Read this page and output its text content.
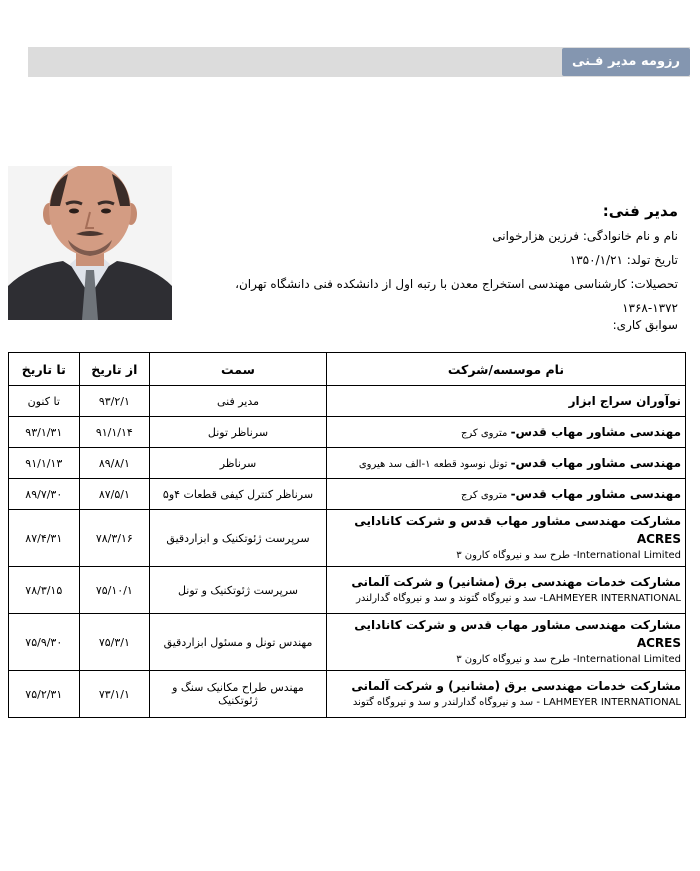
رزومه مدیر فـنی
مدیر فنی:
نام و نام خانوادگی: فرزین هزارخوانی
تاریخ تولد: ۱۳۵۰/۱/۲۱
تحصیلات: کارشناسی مهندسی استخراج معدن با رتبه اول از دانشکده فنی دانشگاه تهران، ۱۳۷۲-۱۳۶۸
سوابق کاری:
نام موسسه/شرکت	سمت	از تاریخ	تا تاریخ

نوآوران سراج ابزار	مدیر فنی	۹۳/۲/۱	تا کنون
مهندسی مشاور مهاب قدس- متروی کرج	سرناظر تونل	۹۱/۱/۱۴	۹۳/۱/۳۱
مهندسی مشاور مهاب قدس- تونل نوسود قطعه ۱-الف سد هیروی	سرناظر	۸۹/۸/۱	۹۱/۱/۱۳
مهندسی مشاور مهاب قدس- متروی کرج	سرناظر کنترل کیفی قطعات ۴و۵	۸۷/۵/۱	۸۹/۷/۳۰

مشارکت مهندسی مشاور مهاب قدس و شرکت کانادایی ACRES
International Limited- طرح سد و نیروگاه کارون ۳	سرپرست ژئوتکنیک و ابزاردقیق	۷۸/۳/۱۶	۸۷/۴/۳۱

مشارکت خدمات مهندسی برق (مشانیر) و شرکت آلمانی
LAHMEYER INTERNATIONAL- سد و نیروگاه گتوند و سد و نیروگاه گدارلندر	سرپرست ژئوتکنیک و تونل	۷۵/۱۰/۱	۷۸/۳/۱۵

مشارکت مهندسی مشاور مهاب قدس و شرکت کانادایی ACRES
International Limited- طرح سد و نیروگاه کارون ۳	مهندس تونل و مسئول ابزاردقیق	۷۵/۳/۱	۷۵/۹/۳۰

مشارکت خدمات مهندسی برق (مشانیر) و شرکت آلمانی
LAHMEYER INTERNATIONAL - سد و نیروگاه گدارلندر و سد و نیروگاه گتوند	مهندس طراح مکانیک سنگ و ژئوتکنیک	۷۳/۱/۱	۷۵/۲/۳۱
